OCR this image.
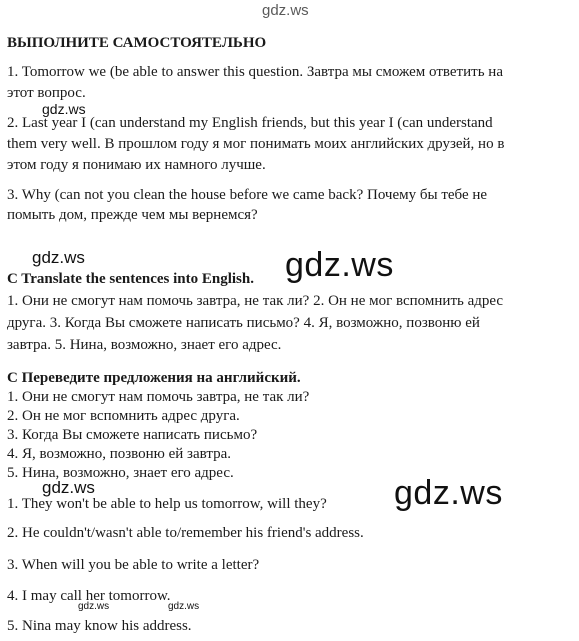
gdz.ws
ВЫПОЛНИТЕ САМОСТОЯТЕЛЬНО
1. Tomorrow we (be able to answer this question. Завтра мы сможем ответить на
этот вопрос.
gdz.ws
2. Last year I (can understand my English friends, but this year I (can understand
them very well. В прошлом году я мог понимать моих английских друзей, но в
этом году я понимаю их намного лучше.
3. Why (can not you clean the house before we came back? Почему бы тебе не
помыть дом, прежде чем мы вернемся?
gdz.ws
C Translate the sentences into English. gdz.ws
1. Они не смогут нам помочь завтра, не так ли? 2. Он не мог вспомнить адрес
друга. 3. Когда Вы сможете написать письмо? 4. Я, возможно, позвоню ей
завтра. 5. Нина, возможно, знает его адрес.
C Переведите предложения на английский.
1. Они не смогут нам помочь завтра, не так ли?
2. Он не мог вспомнить адрес друга.
3. Когда Вы сможете написать письмо?
4. Я, возможно, позвоню ей завтра.
5. Нина, возможно, знает его адрес.
gdz.ws	gdz.ws
1. They won't be able to help us tomorrow, will they?
2. He couldn't/wasn't able to/remember his friend's address.
3. When will you be able to write a letter?
4. I may call her tomorrow.
gdz.ws	gdz.ws
5. Nina may know his address.
